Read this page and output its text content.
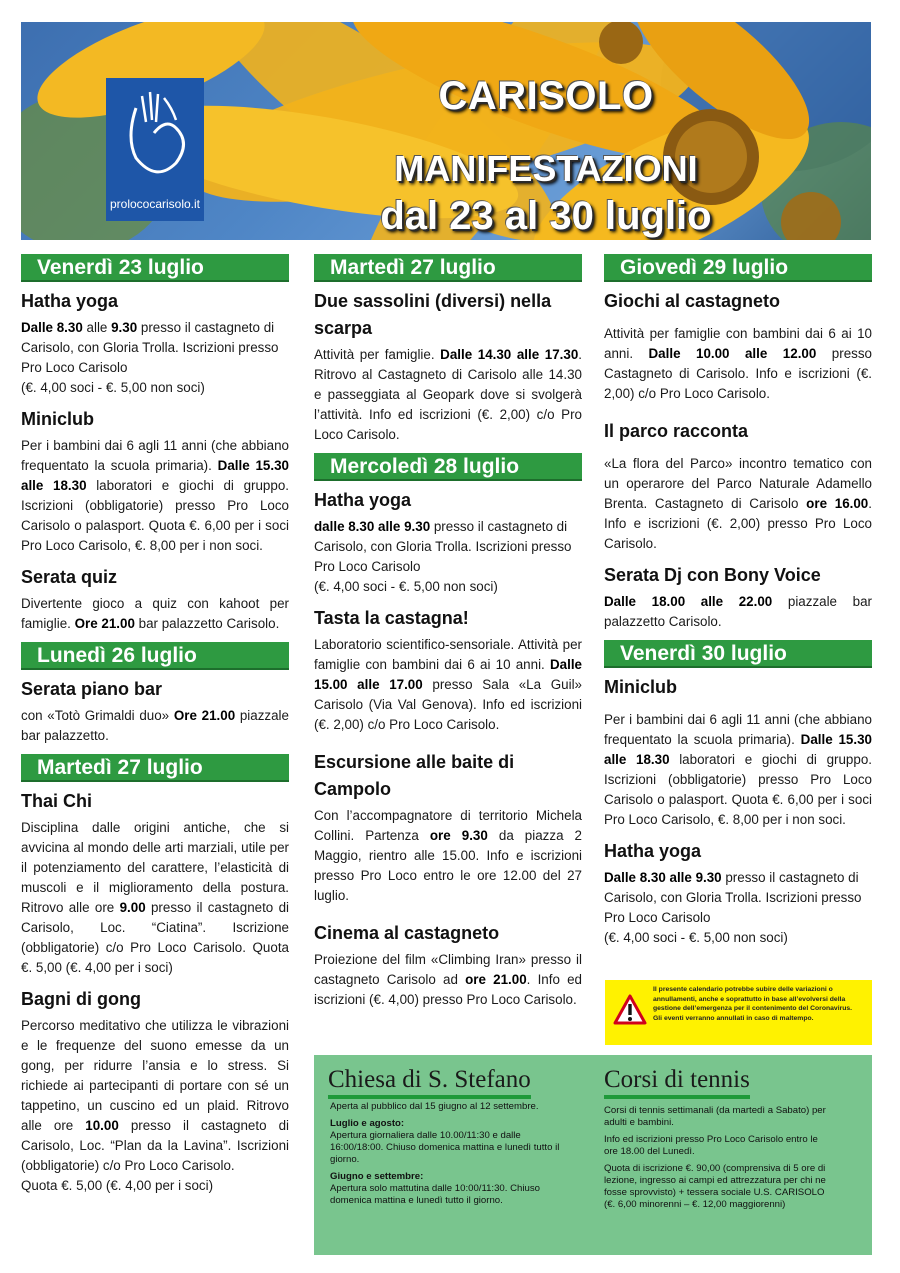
prolococarisolo.it
CARISOLO
MANIFESTAZIONI
dal 23 al 30 luglio
Venerdì 23 luglio
Hatha yoga

Dalle 8.30 alle 9.30 presso il castagneto di Carisolo, con Gloria Trolla. Iscrizioni presso Pro Loco Carisolo
(€. 4,00 soci - €. 5,00 non soci)

Miniclub

Per i bambini dai 6 agli 11 anni (che abbiano frequentato la scuola primaria). Dalle 15.30 alle 18.30 laboratori e giochi di gruppo. Iscrizioni (obbligatorie) presso Pro Loco Carisolo o palasport. Quota €. 6,00 per i soci Pro Loco Carisolo, €. 8,00 per i non soci.

Serata quiz

Divertente gioco a quiz con kahoot per famiglie. Ore 21.00 bar palazzetto Carisolo.

Lunedì 26 luglio
Serata piano bar

con «Totò Grimaldi duo» Ore 21.00 piazzale bar palazzetto.

Martedì 27 luglio
Thai Chi

Disciplina dalle origini antiche, che si avvicina al mondo delle arti marziali, utile per il potenziamento del carattere, l’elasticità di muscoli e il miglioramento della postura. Ritrovo alle ore 9.00 presso il castagneto di Carisolo, Loc. “Ciatina”. Iscrizione (obbligatorie) c/o Pro Loco Carisolo. Quota €. 5,00 (€. 4,00 per i soci)

Bagni di gong

Percorso meditativo che utilizza le vibrazioni e le frequenze del suono emesse da un gong, per ridurre l’ansia e lo stress. Si richiede ai partecipanti di portare con sé un tappetino, un cuscino ed un plaid. Ritrovo alle ore 10.00 presso il castagneto di Carisolo, Loc. “Plan da la Lavina”. Iscrizioni (obbligatorie) c/o Pro Loco Carisolo.
Quota €. 5,00 (€. 4,00 per i soci)

Martedì 27 luglio
Due sassolini (diversi) nella scarpa

Attività per famiglie. Dalle 14.30 alle 17.30. Ritrovo al Castagneto di Carisolo alle 14.30 e passeggiata al Geopark dove si svolgerà l’attività. Info ed iscrizioni (€. 2,00) c/o Pro Loco Carisolo.

Mercoledì 28 luglio
Hatha yoga

dalle 8.30 alle 9.30 presso il castagneto di Carisolo, con Gloria Trolla. Iscrizioni presso Pro Loco Carisolo
(€. 4,00 soci - €. 5,00 non soci)

Tasta la castagna!

Laboratorio scientifico-sensoriale. Attività per famiglie con bambini dai 6 ai 10 anni. Dalle 15.00 alle 17.00 presso Sala «La Guil» Carisolo (Via Val Genova). Info ed iscrizioni (€. 2,00) c/o Pro Loco Carisolo.

Escursione alle baite di Campolo

Con l’accompagnatore di territorio Michela Collini. Partenza ore 9.30 da piazza 2 Maggio, rientro alle 15.00. Info e iscrizioni presso Pro Loco entro le ore 12.00 del 27 luglio.

Cinema al castagneto

Proiezione del film «Climbing Iran» presso il castagneto Carisolo ad ore 21.00. Info ed iscrizioni (€. 4,00) presso Pro Loco Carisolo.

Giovedì 29 luglio
Giochi al castagneto

Attività per famiglie con bambini dai 6 ai 10 anni. Dalle 10.00 alle 12.00 presso Castagneto di Carisolo. Info e iscrizioni (€. 2,00) c/o Pro Loco Carisolo.

Il parco racconta

«La flora del Parco» incontro tematico con un operarore del Parco Naturale Adamello Brenta. Castagneto di Carisolo ore 16.00. Info e iscrizioni (€. 2,00) presso Pro Loco Carisolo.

Serata Dj con Bony Voice

Dalle 18.00 alle 22.00 piazzale bar palazzetto Carisolo.

Venerdì 30 luglio
Miniclub

Per i bambini dai 6 agli 11 anni (che abbiano frequentato la scuola primaria). Dalle 15.30 alle 18.30 laboratori e giochi di gruppo. Iscrizioni (obbligatorie) presso Pro Loco Carisolo o palasport. Quota €. 6,00 per i soci Pro Loco Carisolo, €. 8,00 per i non soci.

Hatha yoga

Dalle 8.30 alle 9.30 presso il castagneto di Carisolo, con Gloria Trolla. Iscrizioni presso Pro Loco Carisolo
(€. 4,00 soci - €. 5,00 non soci)

Il presente calendario potrebbe subire delle variazioni o annullamenti, anche e soprattutto in base all’evolversi della gestione dell’emergenza per il contenimento del Coronavirus.
Gli eventi verranno annullati in caso di maltempo.
Chiesa di S. Stefano

Aperta al pubblico dal 15 giugno al 12 settembre.

Luglio e agosto:

Apertura giornaliera dalle 10.00/11:30 e dalle 16:00/18:00. Chiuso domenica mattina e lunedì tutto il giorno.

Giugno e settembre:

Apertura solo mattutina dalle 10:00/11:30. Chiuso domenica mattina e lunedì tutto il giorno.

Corsi di tennis

Corsi di tennis settimanali (da martedì a Sabato) per adulti e bambini.

Info ed iscrizioni presso Pro Loco Carisolo entro le ore 18.00 del Lunedì.

Quota di iscrizione €. 90,00 (comprensiva di 5 ore di lezione, ingresso ai campi ed attrezzatura per chi ne fosse sprovvisto) + tessera sociale U.S. CARISOLO (€. 6,00 minorenni – €. 12,00 maggiorenni)
